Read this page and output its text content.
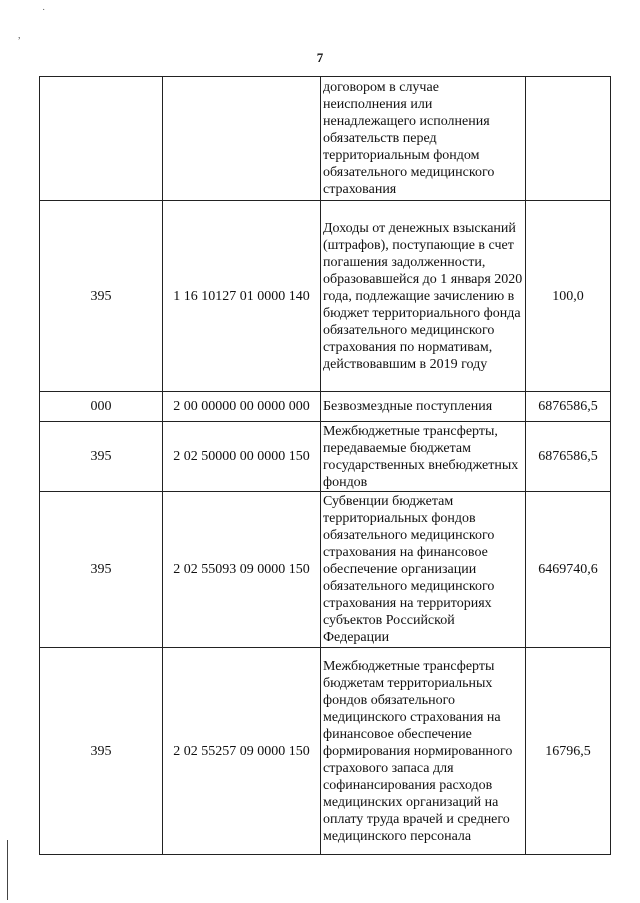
7
˙
,
		договором в случае неисполнения или ненадлежащего исполнения обязательств перед территориальным фондом обязательного медицинского страхования	
395	1 16 10127 01 0000 140	Доходы от денежных взысканий (штрафов), поступающие в счет погашения задолженности, образовавшейся до 1 января 2020 года, подлежащие зачислению в бюджет территориального фонда обязательного медицинского страхования по нормативам, действовавшим в 2019 году	100,0
000	2 00 00000 00 0000 000	Безвозмездные поступления	6876586,5
395	2 02 50000 00 0000 150	Межбюджетные трансферты, передаваемые бюджетам государственных внебюджетных фондов	6876586,5
395	2 02 55093 09 0000 150	Субвенции бюджетам территориальных фондов обязательного медицинского страхования на финансовое обеспечение организации обязательного медицинского страхования на территориях субъектов Российской Федерации	6469740,6
395	2 02 55257 09 0000 150	Межбюджетные трансферты бюджетам территориальных фондов обязательного медицинского страхования на финансовое обеспечение формирования нормированного страхового запаса для софинансирования расходов медицинских организаций на оплату труда врачей и среднего медицинского персонала	16796,5
